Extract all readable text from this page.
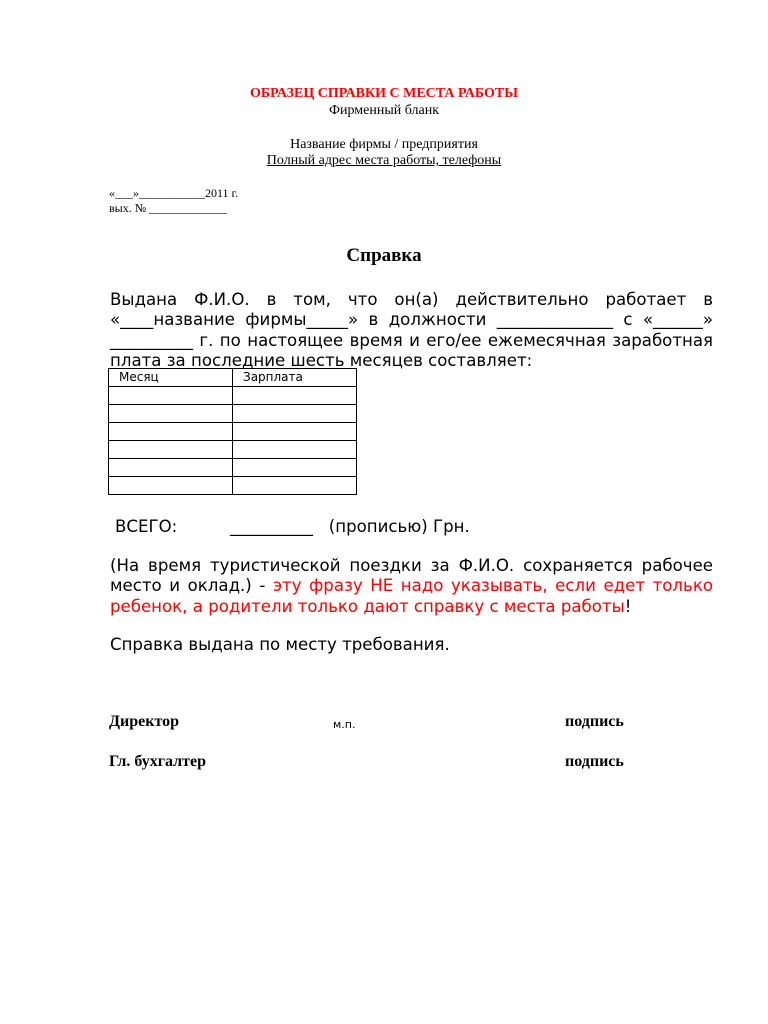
ОБРАЗЕЦ СПРАВКИ С МЕСТА РАБОТЫ
Фирменный бланк
Название фирмы / предприятия
Полный адрес места работы, телефоны
«___»___________2011 г.
вых. № _____________
Справка
Выдана Ф.И.О. в том, что он(а) действительно работает в «____название фирмы_____» в должности ______________ с «______» __________ г. по настоящее время и его/ее ежемесячная заработная плата за последние шесть месяцев составляет:
Месяц	Зарплата

ВСЕГО:          __________   (прописью) Грн.
(На время туристической поездки за Ф.И.О. сохраняется рабочее место и оклад.) - эту фразу НЕ надо указывать, если едет только ребенок, а родители только дают справку с места работы!
Справка выдана по месту требования.
Директор	м.п.	подпись
Гл. бухгалтер	подпись
